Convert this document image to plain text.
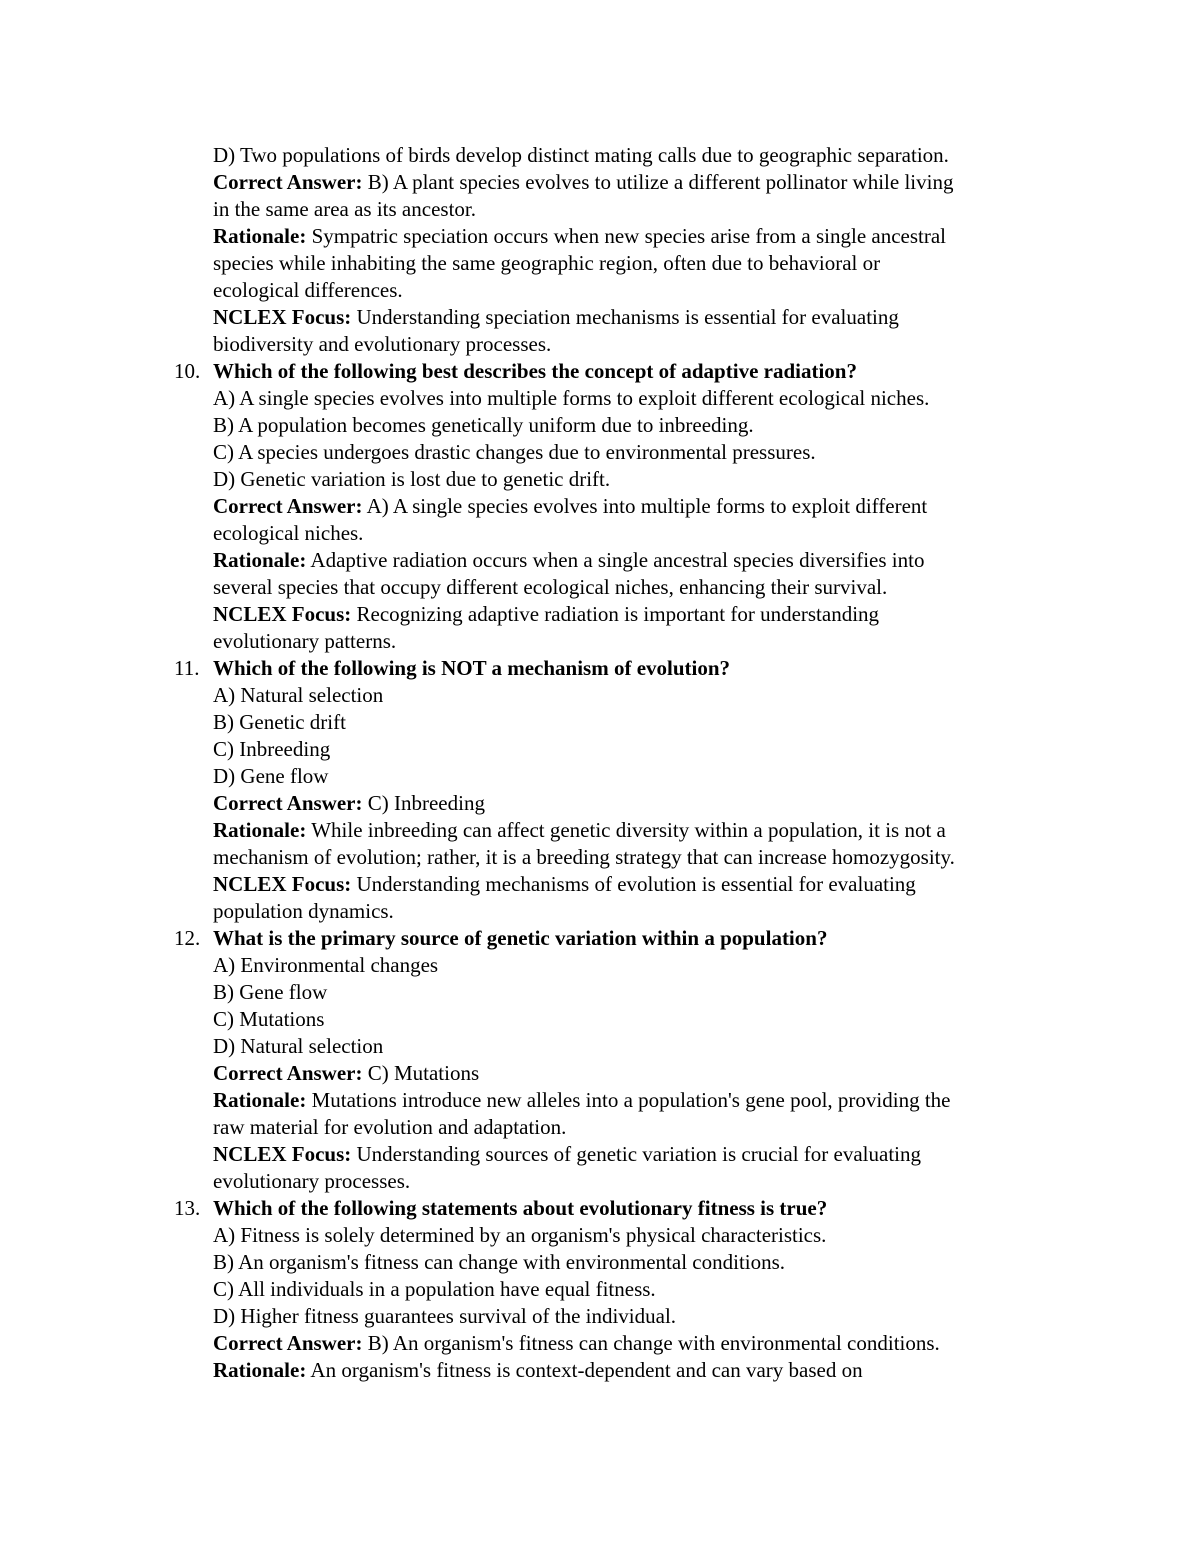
D) Two populations of birds develop distinct mating calls due to geographic separation.
Correct Answer: B) A plant species evolves to utilize a different pollinator while living
in the same area as its ancestor.
Rationale: Sympatric speciation occurs when new species arise from a single ancestral
species while inhabiting the same geographic region, often due to behavioral or
ecological differences.
NCLEX Focus: Understanding speciation mechanisms is essential for evaluating
biodiversity and evolutionary processes.
10. Which of the following best describes the concept of adaptive radiation?
A) A single species evolves into multiple forms to exploit different ecological niches.
B) A population becomes genetically uniform due to inbreeding.
C) A species undergoes drastic changes due to environmental pressures.
D) Genetic variation is lost due to genetic drift.
Correct Answer: A) A single species evolves into multiple forms to exploit different
ecological niches.
Rationale: Adaptive radiation occurs when a single ancestral species diversifies into
several species that occupy different ecological niches, enhancing their survival.
NCLEX Focus: Recognizing adaptive radiation is important for understanding
evolutionary patterns.
11. Which of the following is NOT a mechanism of evolution?
A) Natural selection
B) Genetic drift
C) Inbreeding
D) Gene flow
Correct Answer: C) Inbreeding
Rationale: While inbreeding can affect genetic diversity within a population, it is not a
mechanism of evolution; rather, it is a breeding strategy that can increase homozygosity.
NCLEX Focus: Understanding mechanisms of evolution is essential for evaluating
population dynamics.
12. What is the primary source of genetic variation within a population?
A) Environmental changes
B) Gene flow
C) Mutations
D) Natural selection
Correct Answer: C) Mutations
Rationale: Mutations introduce new alleles into a population's gene pool, providing the
raw material for evolution and adaptation.
NCLEX Focus: Understanding sources of genetic variation is crucial for evaluating
evolutionary processes.
13. Which of the following statements about evolutionary fitness is true?
A) Fitness is solely determined by an organism's physical characteristics.
B) An organism's fitness can change with environmental conditions.
C) All individuals in a population have equal fitness.
D) Higher fitness guarantees survival of the individual.
Correct Answer: B) An organism's fitness can change with environmental conditions.
Rationale: An organism's fitness is context-dependent and can vary based on
